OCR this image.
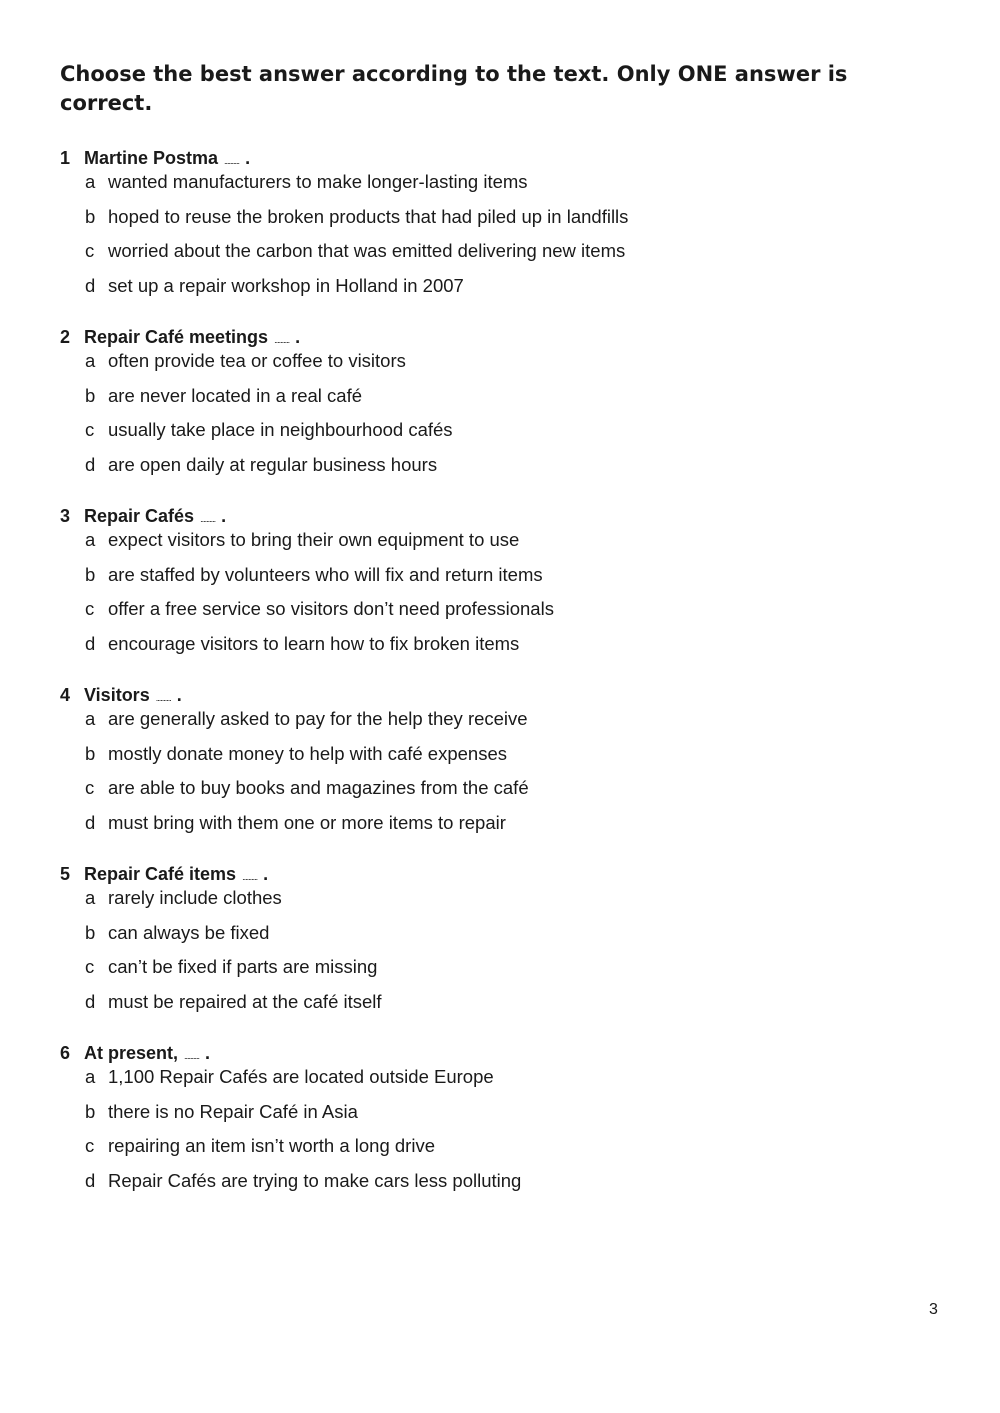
Choose the best answer according to the text. Only ONE answer is correct.
1 Martine Postma .......... .
a wanted manufacturers to make longer-lasting items
b hoped to reuse the broken products that had piled up in landfills
c worried about the carbon that was emitted delivering new items
d set up a repair workshop in Holland in 2007
2 Repair Café meetings .......... .
a often provide tea or coffee to visitors
b are never located in a real café
c usually take place in neighbourhood cafés
d are open daily at regular business hours
3 Repair Cafés .......... .
a expect visitors to bring their own equipment to use
b are staffed by volunteers who will fix and return items
c offer a free service so visitors don’t need professionals
d encourage visitors to learn how to fix broken items
4 Visitors .......... .
a are generally asked to pay for the help they receive
b mostly donate money to help with café expenses
c are able to buy books and magazines from the café
d must bring with them one or more items to repair
5 Repair Café items .......... .
a rarely include clothes
b can always be fixed
c can’t be fixed if parts are missing
d must be repaired at the café itself
6 At present, .......... .
a 1,100 Repair Cafés are located outside Europe
b there is no Repair Café in Asia
c repairing an item isn’t worth a long drive
d Repair Cafés are trying to make cars less polluting
3
